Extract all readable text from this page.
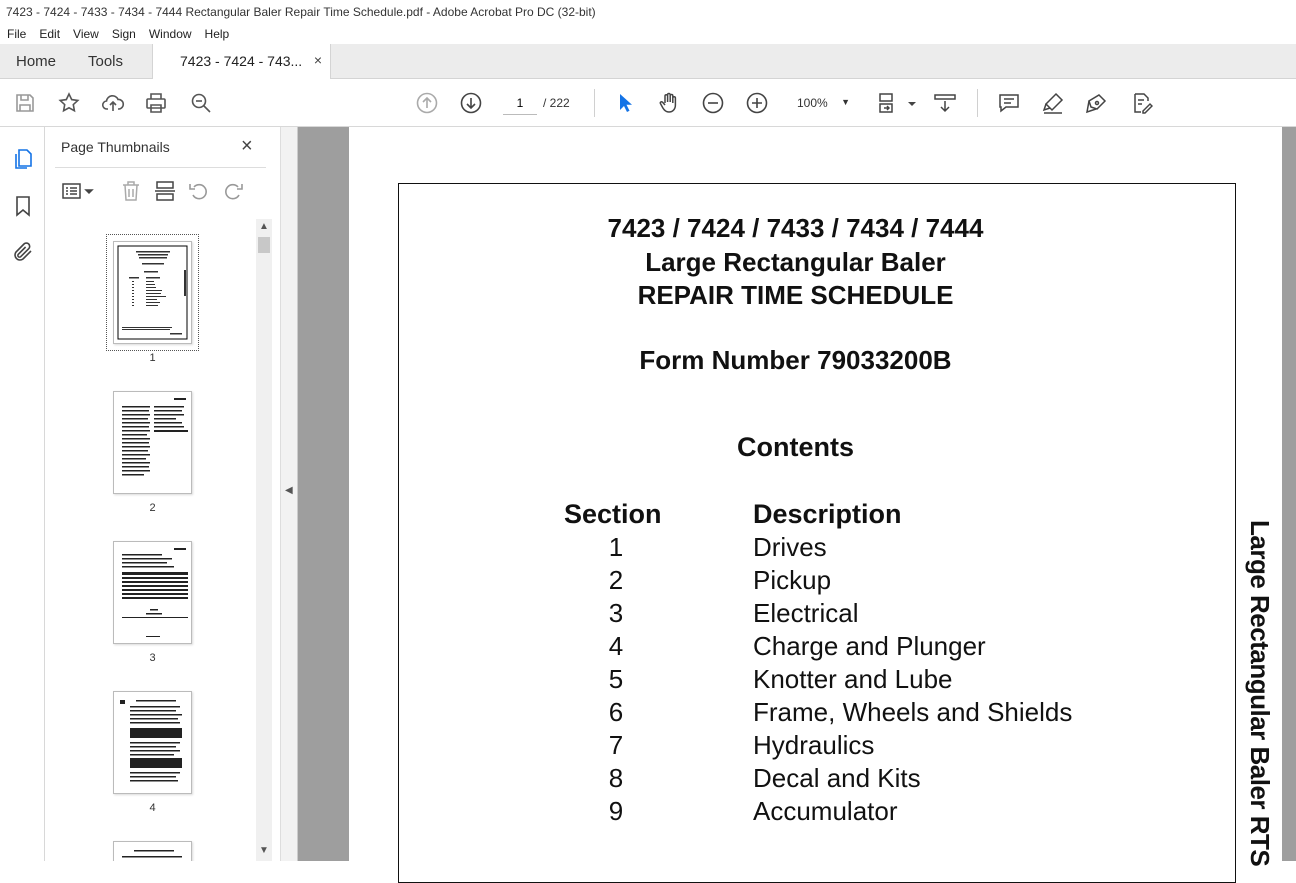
7423 - 7424 - 7433 - 7434 - 7444 Rectangular Baler Repair Time Schedule.pdf - Adobe Acrobat Pro DC (32-bit)
File	Edit	View	Sign	Window	Help
Home Tools	7423 - 7424 - 743... ×
1
/ 222	100% ▼
Page Thumbnails	×
1
2
3
4
▲
▼
◀
7423 / 7424 / 7433 / 7434 / 7444
Large Rectangular Baler
REPAIR TIME SCHEDULE
Form Number 79033200B
Contents
Section	Description
1	Drives
2	Pickup
3	Electrical
4	Charge and Plunger
5	Knotter and Lube
6	Frame, Wheels and Shields
7	Hydraulics
8	Decal and Kits
9	Accumulator	Large Rectangular Baler RTS
